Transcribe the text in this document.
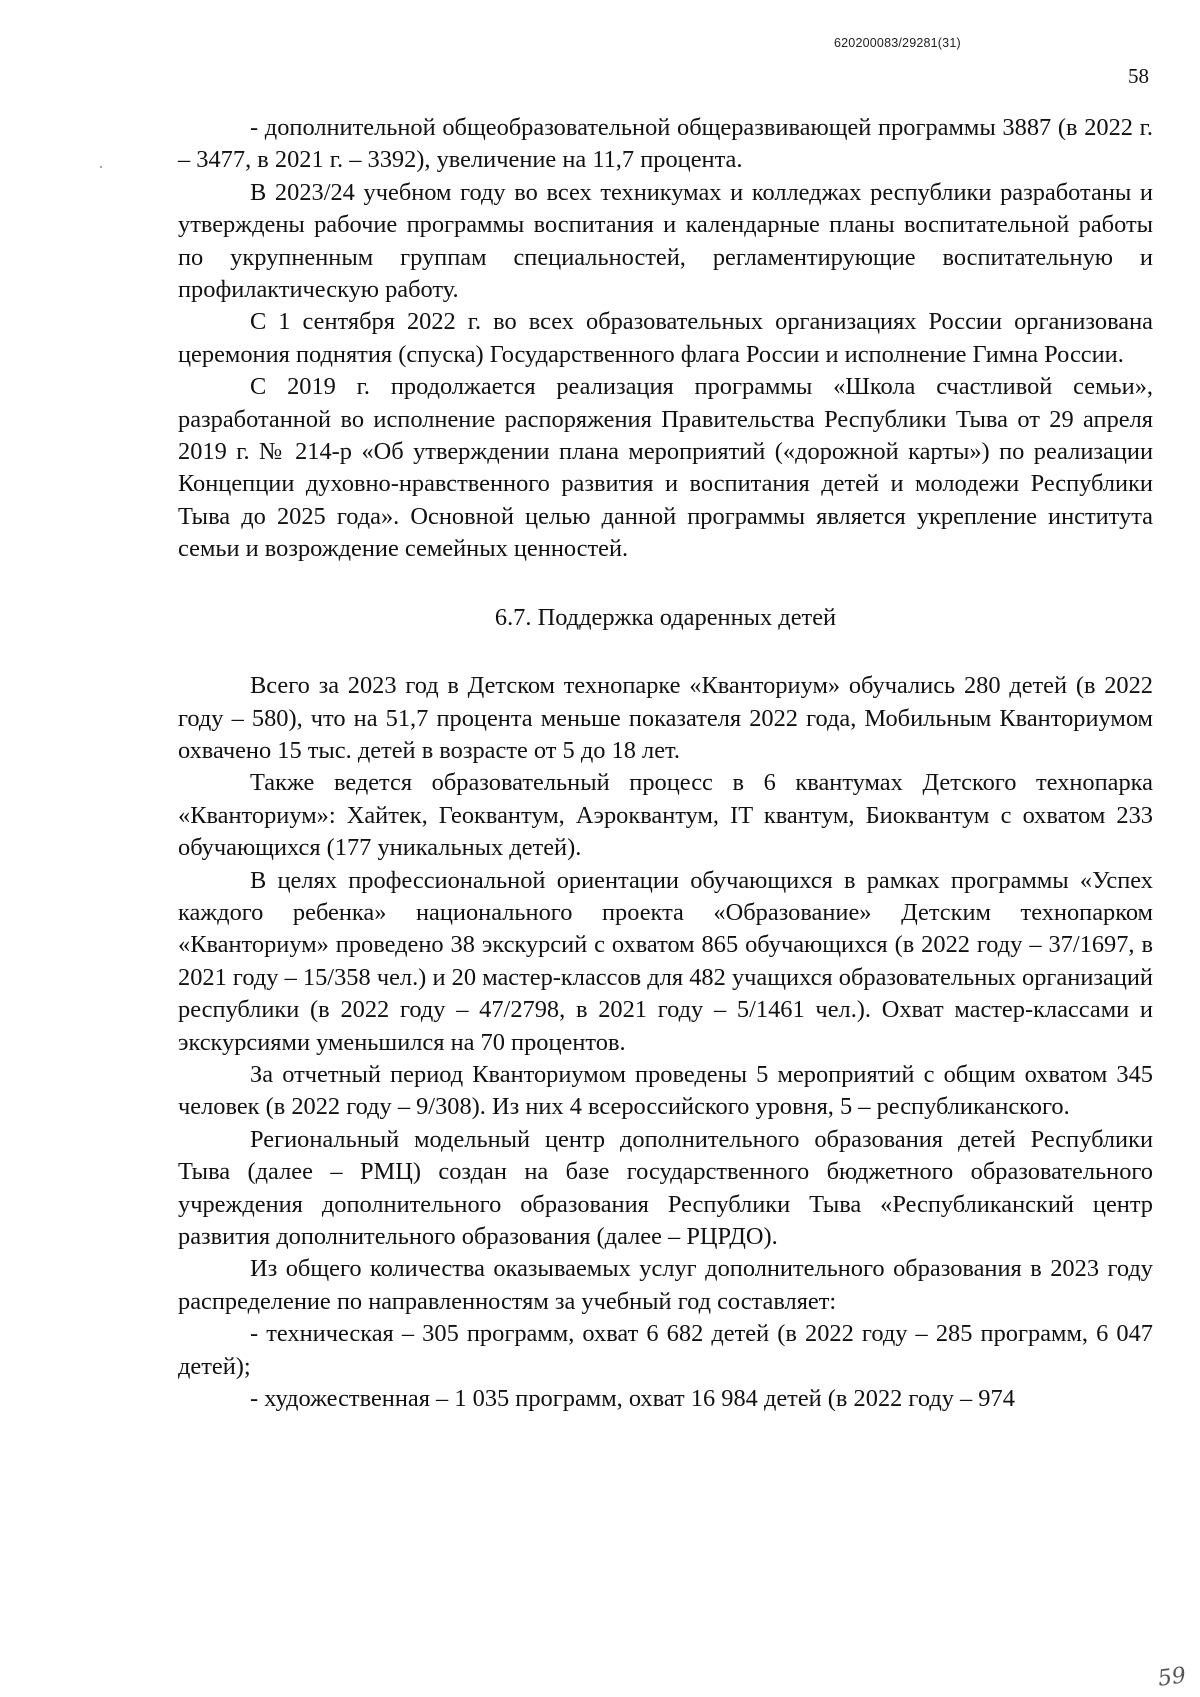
620200083/29281(31)
58

- дополнительной общеобразовательной общеразвивающей программы 3887 (в 2022 г. – 3477, в 2021 г. – 3392), увеличение на 11,7 процента.

В 2023/24 учебном году во всех техникумах и колледжах республики разработаны и утверждены рабочие программы воспитания и календарные планы воспитательной работы по укрупненным группам специальностей, регламентирующие воспитательную и профилактическую работу.

С 1 сентября 2022 г. во всех образовательных организациях России организована церемония поднятия (спуска) Государственного флага России и исполнение Гимна России.

С 2019 г. продолжается реализация программы «Школа счастливой семьи», разработанной во исполнение распоряжения Правительства Республики Тыва от 29 апреля 2019 г. № 214-р «Об утверждении плана мероприятий («дорожной карты») по реализации Концепции духовно-нравственного развития и воспитания детей и молодежи Республики Тыва до 2025 года». Основной целью данной программы является укрепление института семьи и возрождение семейных ценностей.

6.7. Поддержка одаренных детей

Всего за 2023 год в Детском технопарке «Кванториум» обучались 280 детей (в 2022 году – 580), что на 51,7 процента меньше показателя 2022 года, Мобильным Кванториумом охвачено 15 тыс. детей в возрасте от 5 до 18 лет.

Также ведется образовательный процесс в 6 квантумах Детского технопарка «Кванториум»: Хайтек, Геоквантум, Аэроквантум, IT квантум, Биоквантум с охватом 233 обучающихся (177 уникальных детей).

В целях профессиональной ориентации обучающихся в рамках программы «Успех каждого ребенка» национального проекта «Образование» Детским технопарком «Кванториум» проведено 38 экскурсий с охватом 865 обучающихся (в 2022 году – 37/1697, в 2021 году – 15/358 чел.) и 20 мастер-классов для 482 учащихся образовательных организаций республики (в 2022 году – 47/2798, в 2021 году – 5/1461 чел.). Охват мастер-классами и экскурсиями уменьшился на 70 процентов.

За отчетный период Кванториумом проведены 5 мероприятий с общим охватом 345 человек (в 2022 году – 9/308). Из них 4 всероссийского уровня, 5 – республиканского.

Региональный модельный центр дополнительного образования детей Республики Тыва (далее – РМЦ) создан на базе государственного бюджетного образовательного учреждения дополнительного образования Республики Тыва «Республиканский центр развития дополнительного образования (далее – РЦРДО).

Из общего количества оказываемых услуг дополнительного образования в 2023 году распределение по направленностям за учебный год составляет:

- техническая – 305 программ, охват 6 682 детей (в 2022 году – 285 программ, 6 047 детей);

- художественная – 1 035 программ, охват 16 984 детей (в 2022 году – 974

59
